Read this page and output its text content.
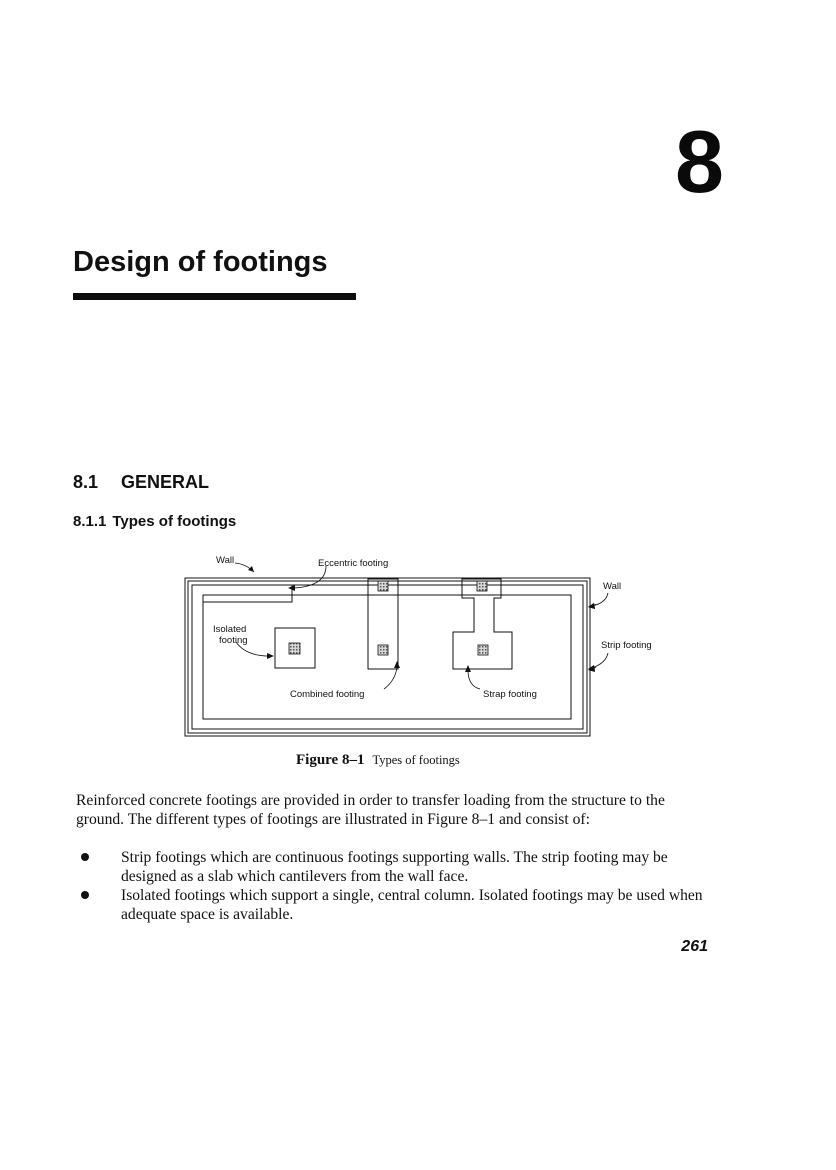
8
Design of footings
8.1 GENERAL
8.1.1 Types of footings
Wall	Eccentric footing
Isolated
footing
Combined footing	Strap footing
Wall
Strip footing
Figure 8–1 Types of footings
Reinforced concrete footings are provided in order to transfer loading from the structure to the ground. The different types of footings are illustrated in Figure 8–1 and consist of:
Strip footings which are continuous footings supporting walls. The strip footing may be designed as a slab which cantilevers from the wall face.
Isolated footings which support a single, central column. Isolated footings may be used when adequate space is available.
261
